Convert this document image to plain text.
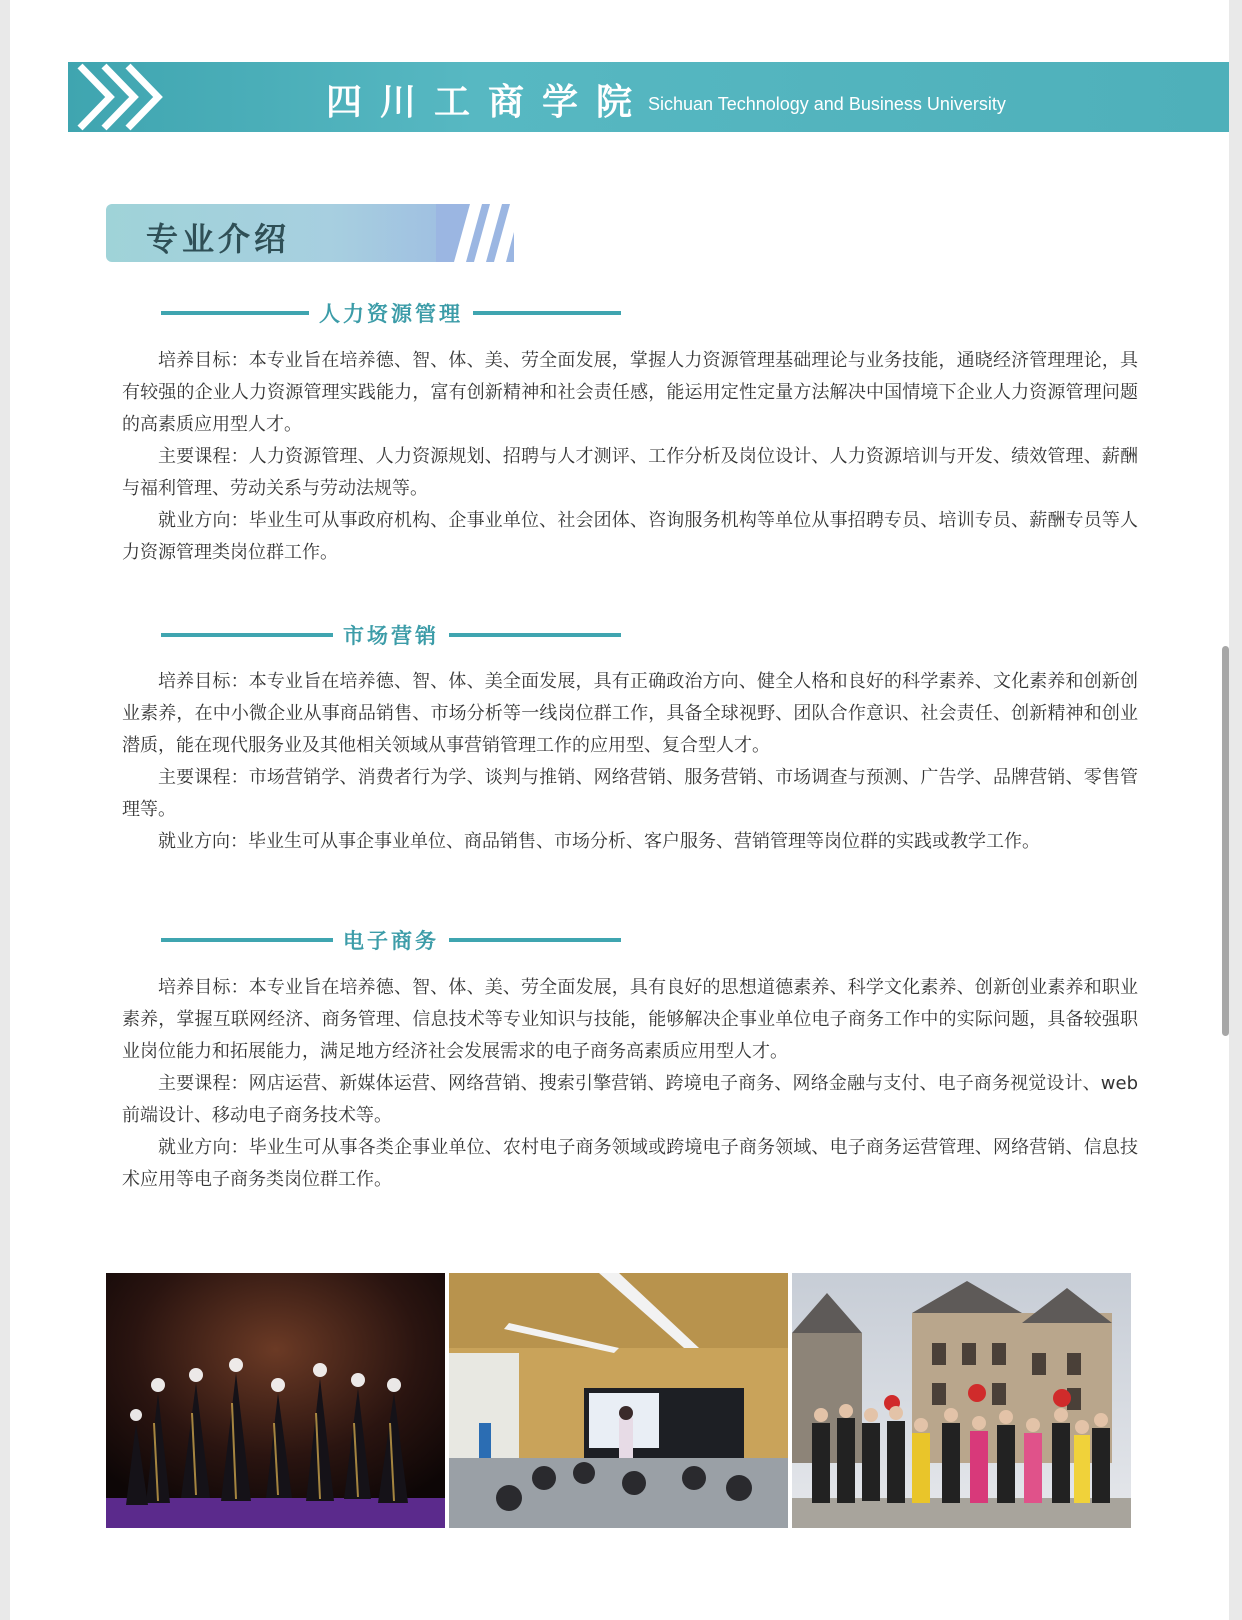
四川工商学院
Sichuan Technology and Business University
专业介绍
人力资源管理

培养目标：本专业旨在培养德、智、体、美、劳全面发展，掌握人力资源管理基础理论与业务技能，通晓经济管理理论，具有较强的企业人力资源管理实践能力，富有创新精神和社会责任感，能运用定性定量方法解决中国情境下企业人力资源管理问题的高素质应用型人才。

主要课程：人力资源管理、人力资源规划、招聘与人才测评、工作分析及岗位设计、人力资源培训与开发、绩效管理、薪酬与福利管理、劳动关系与劳动法规等。

就业方向：毕业生可从事政府机构、企事业单位、社会团体、咨询服务机构等单位从事招聘专员、培训专员、薪酬专员等人力资源管理类岗位群工作。

市场营销

培养目标：本专业旨在培养德、智、体、美全面发展，具有正确政治方向、健全人格和良好的科学素养、文化素养和创新创业素养，在中小微企业从事商品销售、市场分析等一线岗位群工作，具备全球视野、团队合作意识、社会责任、创新精神和创业潜质，能在现代服务业及其他相关领域从事营销管理工作的应用型、复合型人才。

主要课程：市场营销学、消费者行为学、谈判与推销、网络营销、服务营销、市场调查与预测、广告学、品牌营销、零售管理等。

就业方向：毕业生可从事企事业单位、商品销售、市场分析、客户服务、营销管理等岗位群的实践或教学工作。

电子商务

培养目标：本专业旨在培养德、智、体、美、劳全面发展，具有良好的思想道德素养、科学文化素养、创新创业素养和职业素养，掌握互联网经济、商务管理、信息技术等专业知识与技能，能够解决企事业单位电子商务工作中的实际问题，具备较强职业岗位能力和拓展能力，满足地方经济社会发展需求的电子商务高素质应用型人才。

主要课程：网店运营、新媒体运营、网络营销、搜索引擎营销、跨境电子商务、网络金融与支付、电子商务视觉设计、web前端设计、移动电子商务技术等。

就业方向：毕业生可从事各类企事业单位、农村电子商务领域或跨境电子商务领域、电子商务运营管理、网络营销、信息技术应用等电子商务类岗位群工作。
